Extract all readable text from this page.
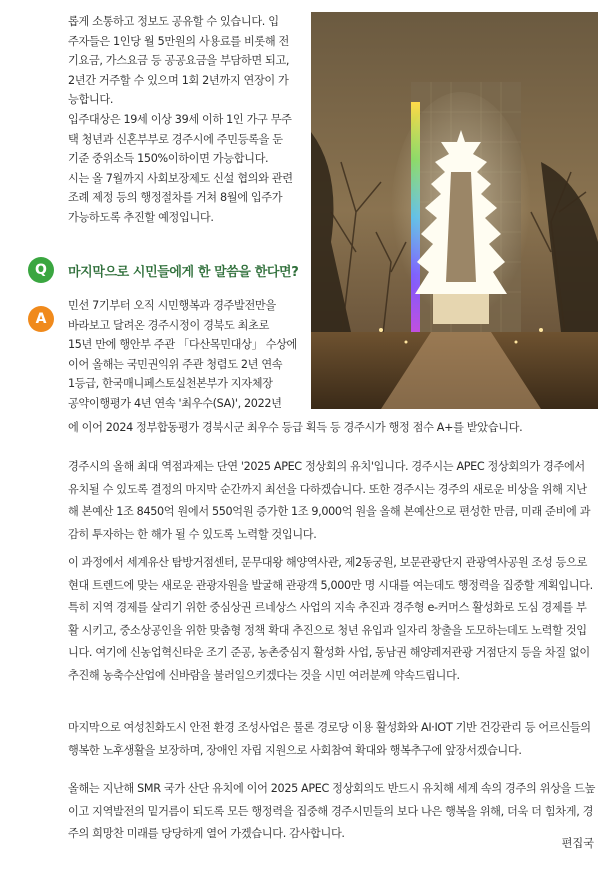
롭게 소통하고 정보도 공유할 수 있습니다. 입

주자들은 1인당 월 5만원의 사용료를 비롯해 전

기요금, 가스요금 등 공공요금을 부담하면 되고,

2년간 거주할 수 있으며 1회 2년까지 연장이 가

능합니다.

입주대상은 19세 이상 39세 이하 1인 가구 무주

택 청년과 신혼부부로 경주시에 주민등록을 둔

기준 중위소득 150%이하이면 가능합니다.

시는 올 7월까지 사회보장제도 신설 협의와 관련

조례 제정 등의 행정절차를 거쳐 8월에 입주가

가능하도록 추진할 예정입니다.

Q	마지막으로 시민들에게 한 말씀을 한다면?
A

민선 7기부터 오직 시민행복과 경주발전만을

바라보고 달려온 경주시정이 경북도 최초로

15년 만에 행안부 주관 「다산목민대상」 수상에

이어 올해는 국민권익위 주관 청렴도 2년 연속

1등급, 한국매니페스토실천본부가 지자체장

공약이행평가 4년 연속 '최우수(SA)', 2022년

에 이어 2024 정부합동평가 경북시군 최우수 등급 획득 등 경주시가 행정 점수 A+를 받았습니다.

경주시의 올해 최대 역점과제는 단연 '2025 APEC 정상회의 유치'입니다. 경주시는 APEC 정상회의가 경주에서 유치될 수 있도록 결정의 마지막 순간까지 최선을 다하겠습니다. 또한 경주시는 경주의 새로운 비상을 위해 지난해 본예산 1조 8450억 원에서 550억원 증가한 1조 9,000억 원을 올해 본예산으로 편성한 만큼, 미래 준비에 과감히 투자하는 한 해가 될 수 있도록 노력할 것입니다.

이 과정에서 세계유산 탐방거점센터, 문무대왕 해양역사관, 제2동궁원, 보문관광단지 관광역사공원 조성 등으로 현대 트렌드에 맞는 새로운 관광자원을 발굴해 관광객 5,000만 명 시대를 여는데도 행정력을 집중할 계획입니다. 특히 지역 경제를 살리기 위한 중심상권 르네상스 사업의 지속 추진과 경주형 e-커머스 활성화로 도심 경제를 부활 시키고, 중소상공인을 위한 맞춤형 정책 확대 추진으로 청년 유입과 일자리 창출을 도모하는데도 노력할 것입니다. 여기에 신농업혁신타운 조기 준공, 농촌중심지 활성화 사업, 동남권 해양레저관광 거점단지 등을 차질 없이 추진해 농축수산업에 신바람을 불러일으키겠다는 것을 시민 여러분께 약속드립니다.

마지막으로 여성친화도시 안전 환경 조성사업은 물론 경로당 이용 활성화와 AI·IOT 기반 건강관리 등 어르신들의 행복한 노후생활을 보장하며, 장애인 자립 지원으로 사회참여 확대와 행복추구에 앞장서겠습니다.

올해는 지난해 SMR 국가 산단 유치에 이어 2025 APEC 정상회의도 반드시 유치해 세계 속의 경주의 위상을 드높이고 지역발전의 밑거름이 되도록 모든 행정력을 집중해 경주시민들의 보다 나은 행복을 위해, 더욱 더 힘차게, 경주의 희망찬 미래를 당당하게 열어 가겠습니다. 감사합니다.

편집국
